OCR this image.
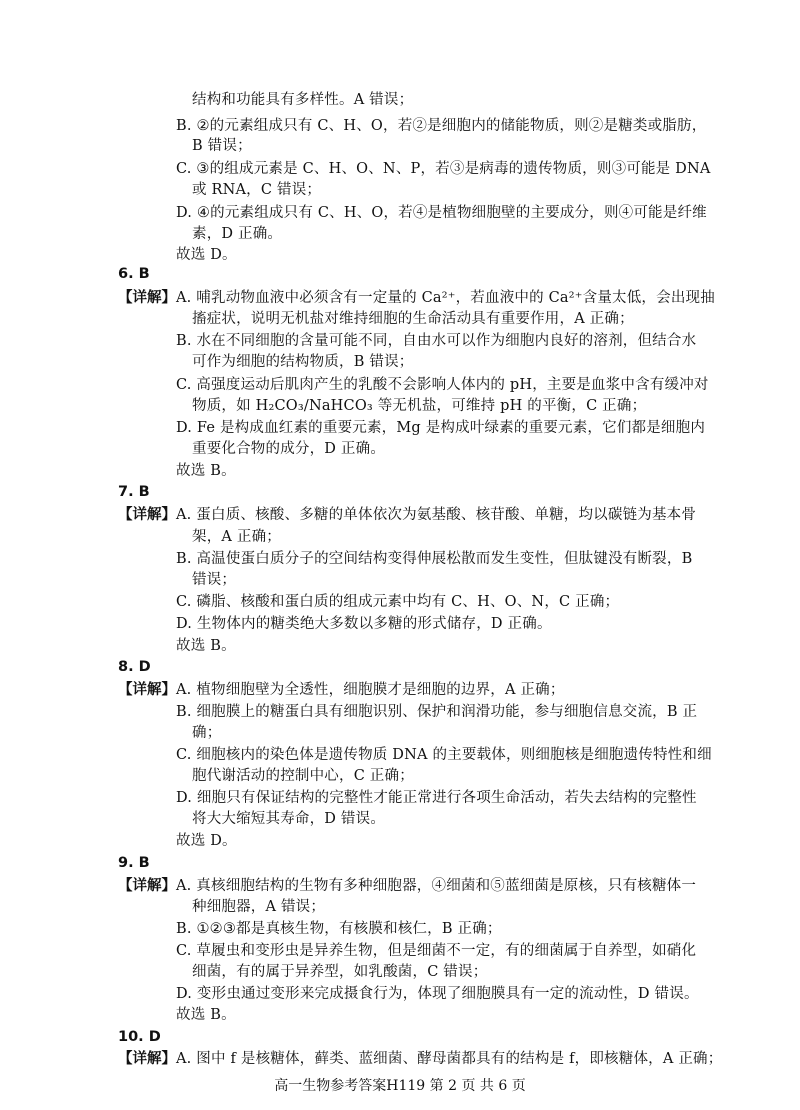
结构和功能具有多样性。A 错误；
B. ②的元素组成只有 C、H、O，若②是细胞内的储能物质，则②是糖类或脂肪，
B 错误；
C. ③的组成元素是 C、H、O、N、P，若③是病毒的遗传物质，则③可能是 DNA
或 RNA，C 错误；
D. ④的元素组成只有 C、H、O，若④是植物细胞壁的主要成分，则④可能是纤维
素，D 正确。
故选 D。
6. B
【详解】 A. 哺乳动物血液中必须含有一定量的 Ca²⁺，若血液中的 Ca²⁺含量太低，会出现抽
搐症状，说明无机盐对维持细胞的生命活动具有重要作用，A 正确；
B. 水在不同细胞的含量可能不同，自由水可以作为细胞内良好的溶剂，但结合水
可作为细胞的结构物质，B 错误；
C. 高强度运动后肌肉产生的乳酸不会影响人体内的 pH，主要是血浆中含有缓冲对
物质，如 H₂CO₃/NaHCO₃ 等无机盐，可维持 pH 的平衡，C 正确；
D. Fe 是构成血红素的重要元素，Mg 是构成叶绿素的重要元素，它们都是细胞内
重要化合物的成分，D 正确。
故选 B。
7. B
【详解】 A. 蛋白质、核酸、多糖的单体依次为氨基酸、核苷酸、单糖，均以碳链为基本骨
架，A 正确；
B. 高温使蛋白质分子的空间结构变得伸展松散而发生变性，但肽键没有断裂，B
错误；
C. 磷脂、核酸和蛋白质的组成元素中均有 C、H、O、N，C 正确；
D. 生物体内的糖类绝大多数以多糖的形式储存，D 正确。
故选 B。
8. D
【详解】 A. 植物细胞壁为全透性，细胞膜才是细胞的边界，A 正确；
B. 细胞膜上的糖蛋白具有细胞识别、保护和润滑功能，参与细胞信息交流，B 正
确；
C. 细胞核内的染色体是遗传物质 DNA 的主要载体，则细胞核是细胞遗传特性和细
胞代谢活动的控制中心，C 正确；
D. 细胞只有保证结构的完整性才能正常进行各项生命活动，若失去结构的完整性
将大大缩短其寿命，D 错误。
故选 D。
9. B
【详解】 A. 真核细胞结构的生物有多种细胞器，④细菌和⑤蓝细菌是原核，只有核糖体一
种细胞器，A 错误；
B. ①②③都是真核生物，有核膜和核仁，B 正确；
C. 草履虫和变形虫是异养生物，但是细菌不一定，有的细菌属于自养型，如硝化
细菌，有的属于异养型，如乳酸菌，C 错误；
D. 变形虫通过变形来完成摄食行为，体现了细胞膜具有一定的流动性，D 错误。
故选 B。
10. D
【详解】 A. 图中 f 是核糖体，藓类、蓝细菌、酵母菌都具有的结构是 f，即核糖体，A 正确；
高一生物参考答案H119 第 2 页 共 6 页
